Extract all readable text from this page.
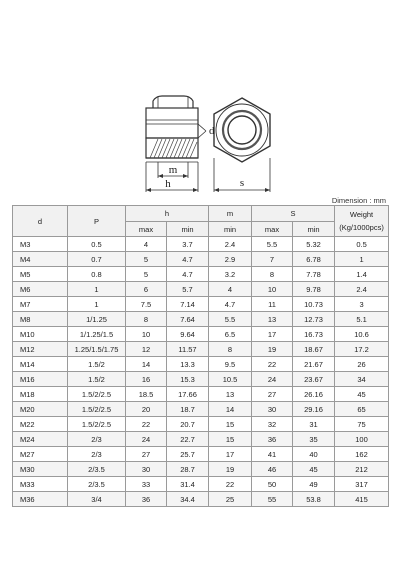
m
h
d
s
Dimension : mm
d	P	h		m	S		Weight
(Kg/1000pcs)

		max	min	min	max	min	
M3	0.5	4	3.7	2.4	5.5	5.32	0.5
M4	0.7	5	4.7	2.9	7	6.78	1
M5	0.8	5	4.7	3.2	8	7.78	1.4
M6	1	6	5.7	4	10	9.78	2.4
M7	1	7.5	7.14	4.7	11	10.73	3
M8	1/1.25	8	7.64	5.5	13	12.73	5.1
M10	1/1.25/1.5	10	9.64	6.5	17	16.73	10.6
M12	1.25/1.5/1.75	12	11.57	8	19	18.67	17.2
M14	1.5/2	14	13.3	9.5	22	21.67	26
M16	1.5/2	16	15.3	10.5	24	23.67	34
M18	1.5/2/2.5	18.5	17.66	13	27	26.16	45
M20	1.5/2/2.5	20	18.7	14	30	29.16	65
M22	1.5/2/2.5	22	20.7	15	32	31	75
M24	2/3	24	22.7	15	36	35	100
M27	2/3	27	25.7	17	41	40	162
M30	2/3.5	30	28.7	19	46	45	212
M33	2/3.5	33	31.4	22	50	49	317
M36	3/4	36	34.4	25	55	53.8	415
